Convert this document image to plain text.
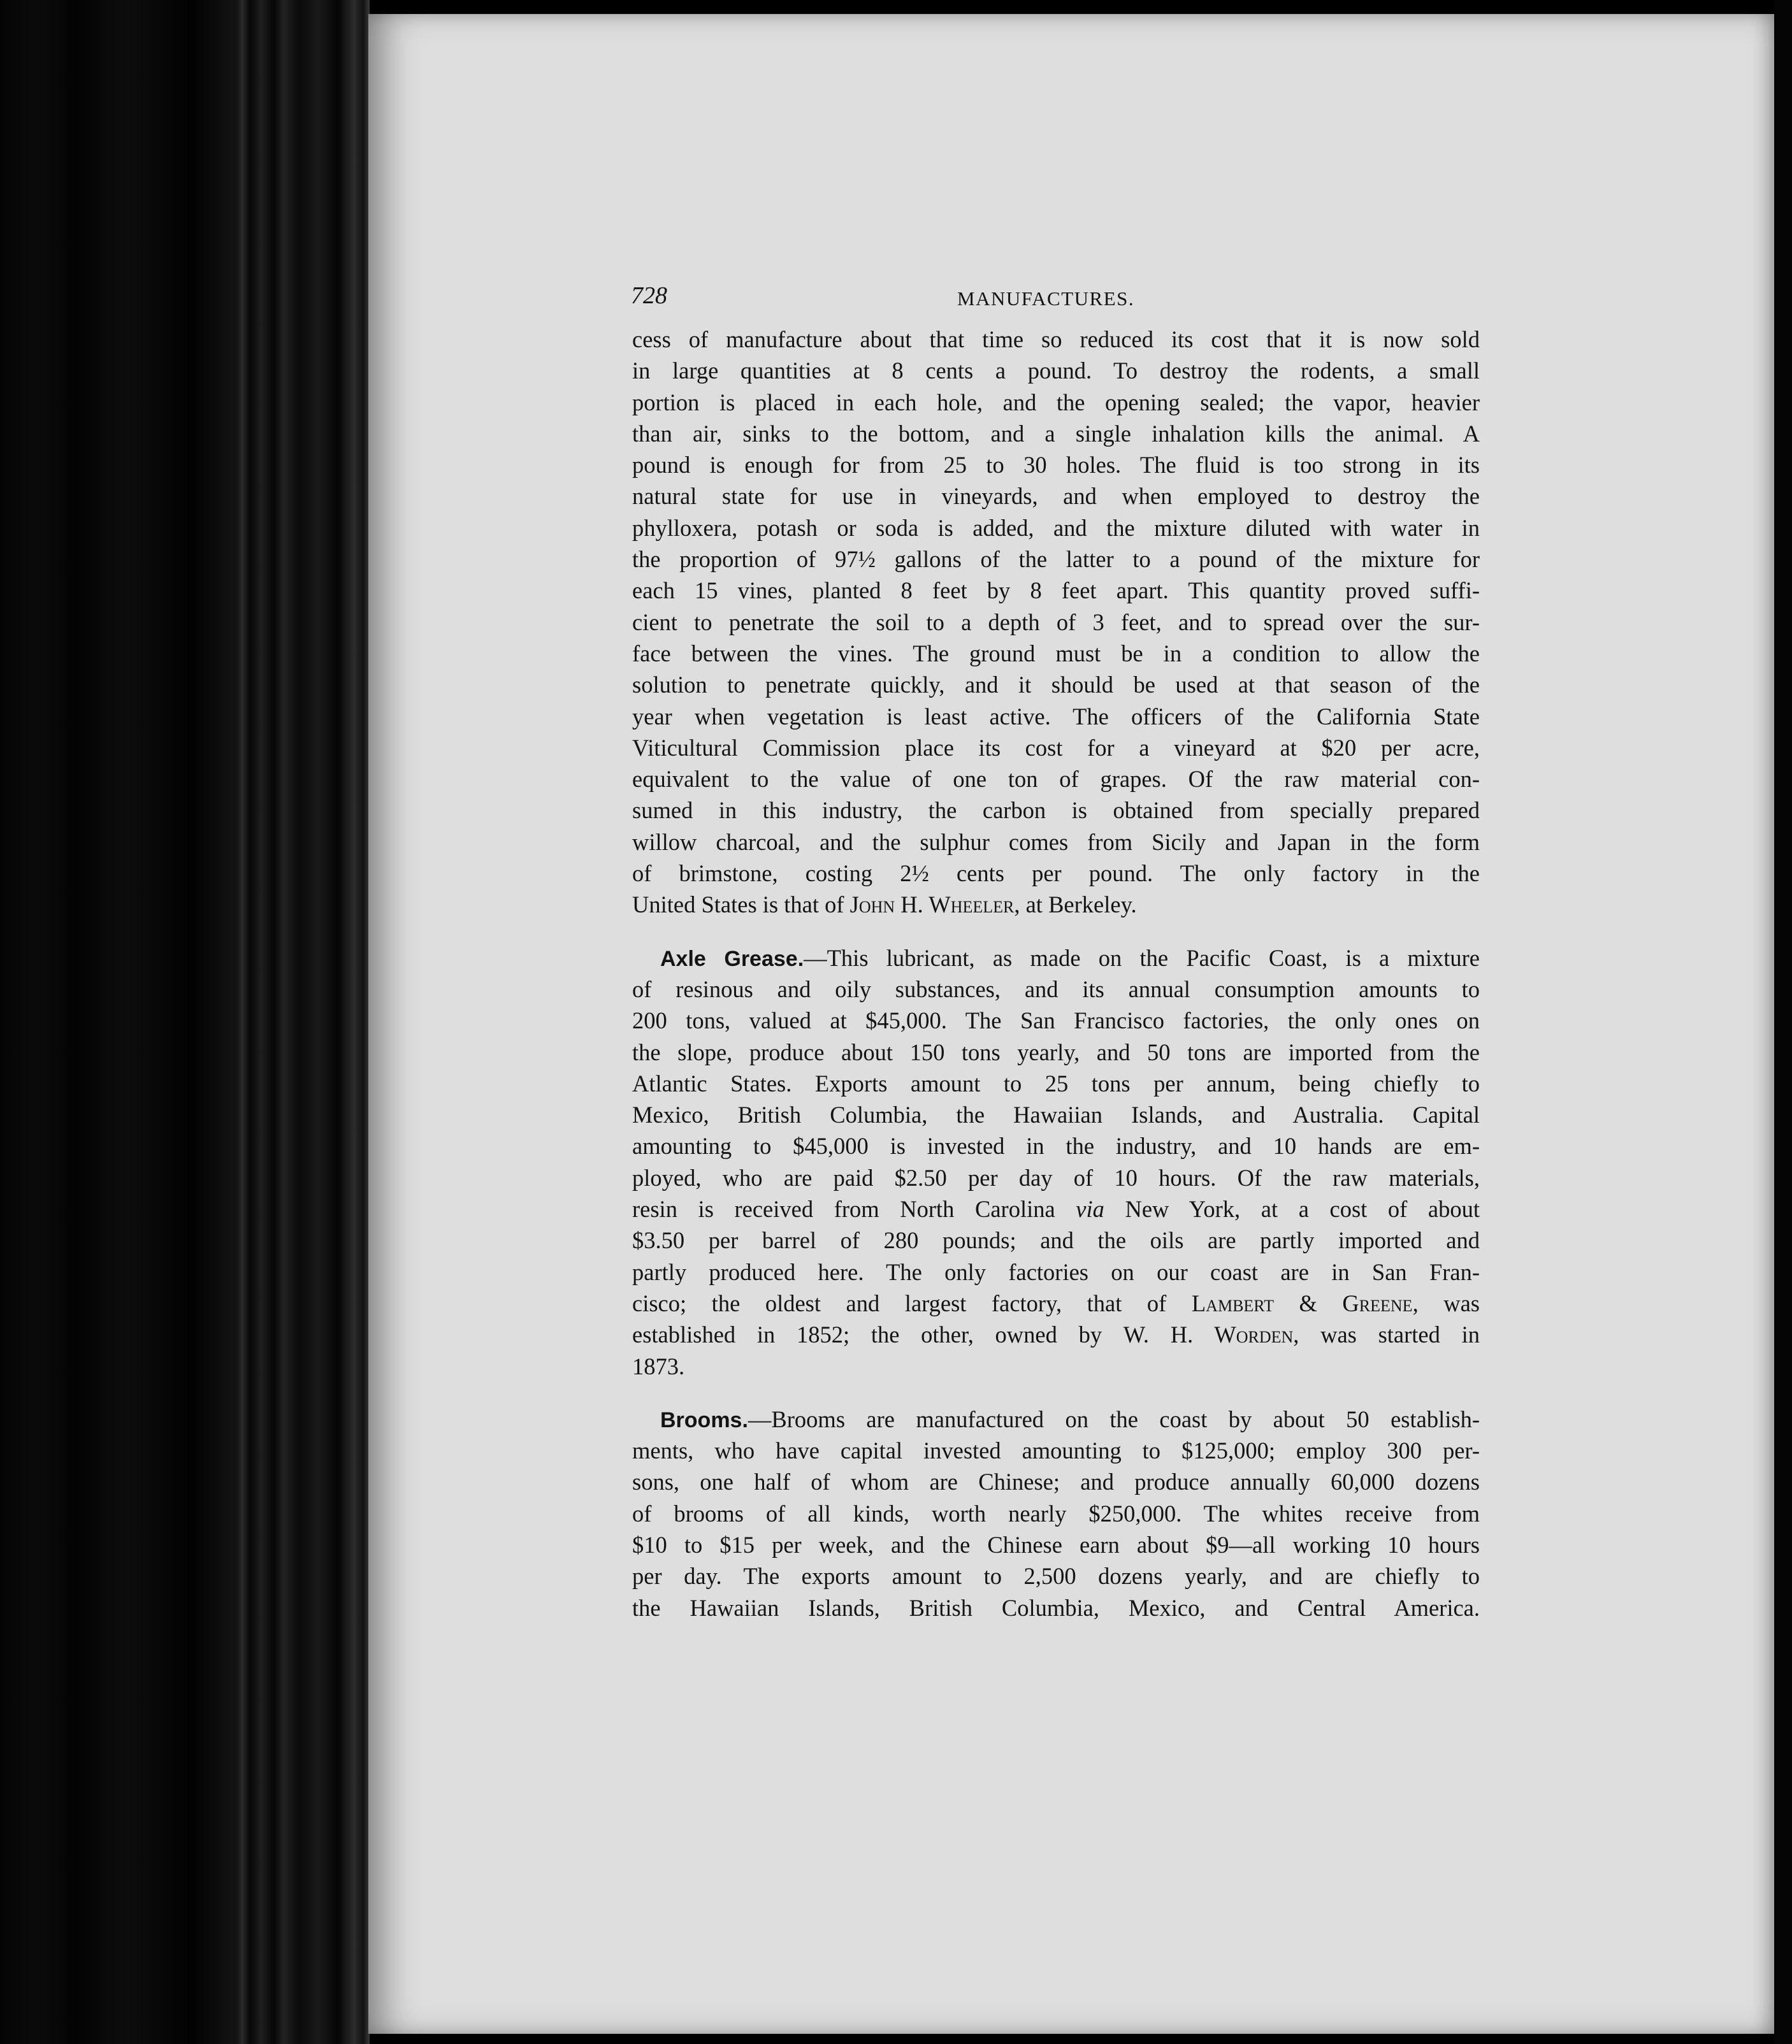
728	MANUFACTURES.
cess of manufacture about that time so reduced its cost that it is now sold
in large quantities at 8 cents a pound. To destroy the rodents, a small
portion is placed in each hole, and the opening sealed; the vapor, heavier
than air, sinks to the bottom, and a single inhalation kills the animal. A
pound is enough for from 25 to 30 holes. The fluid is too strong in its
natural state for use in vineyards, and when employed to destroy the
phylloxera, potash or soda is added, and the mixture diluted with water in
the proportion of 97½ gallons of the latter to a pound of the mixture for
each 15 vines, planted 8 feet by 8 feet apart. This quantity proved suffi-
cient to penetrate the soil to a depth of 3 feet, and to spread over the sur-
face between the vines. The ground must be in a condition to allow the
solution to penetrate quickly, and it should be used at that season of the
year when vegetation is least active. The officers of the California State
Viticultural Commission place its cost for a vineyard at $20 per acre,
equivalent to the value of one ton of grapes. Of the raw material con-
sumed in this industry, the carbon is obtained from specially prepared
willow charcoal, and the sulphur comes from Sicily and Japan in the form
of brimstone, costing 2½ cents per pound. The only factory in the
United States is that of John H. Wheeler, at Berkeley.
Axle Grease.—This lubricant, as made on the Pacific Coast, is a mixture
of resinous and oily substances, and its annual consumption amounts to
200 tons, valued at $45,000. The San Francisco factories, the only ones on
the slope, produce about 150 tons yearly, and 50 tons are imported from the
Atlantic States. Exports amount to 25 tons per annum, being chiefly to
Mexico, British Columbia, the Hawaiian Islands, and Australia. Capital
amounting to $45,000 is invested in the industry, and 10 hands are em-
ployed, who are paid $2.50 per day of 10 hours. Of the raw materials,
resin is received from North Carolina via New York, at a cost of about
$3.50 per barrel of 280 pounds; and the oils are partly imported and
partly produced here. The only factories on our coast are in San Fran-
cisco; the oldest and largest factory, that of Lambert & Greene, was
established in 1852; the other, owned by W. H. Worden, was started in
1873.
Brooms.—Brooms are manufactured on the coast by about 50 establish-
ments, who have capital invested amounting to $125,000; employ 300 per-
sons, one half of whom are Chinese; and produce annually 60,000 dozens
of brooms of all kinds, worth nearly $250,000. The whites receive from
$10 to $15 per week, and the Chinese earn about $9—all working 10 hours
per day. The exports amount to 2,500 dozens yearly, and are chiefly to
the Hawaiian Islands, British Columbia, Mexico, and Central America.
